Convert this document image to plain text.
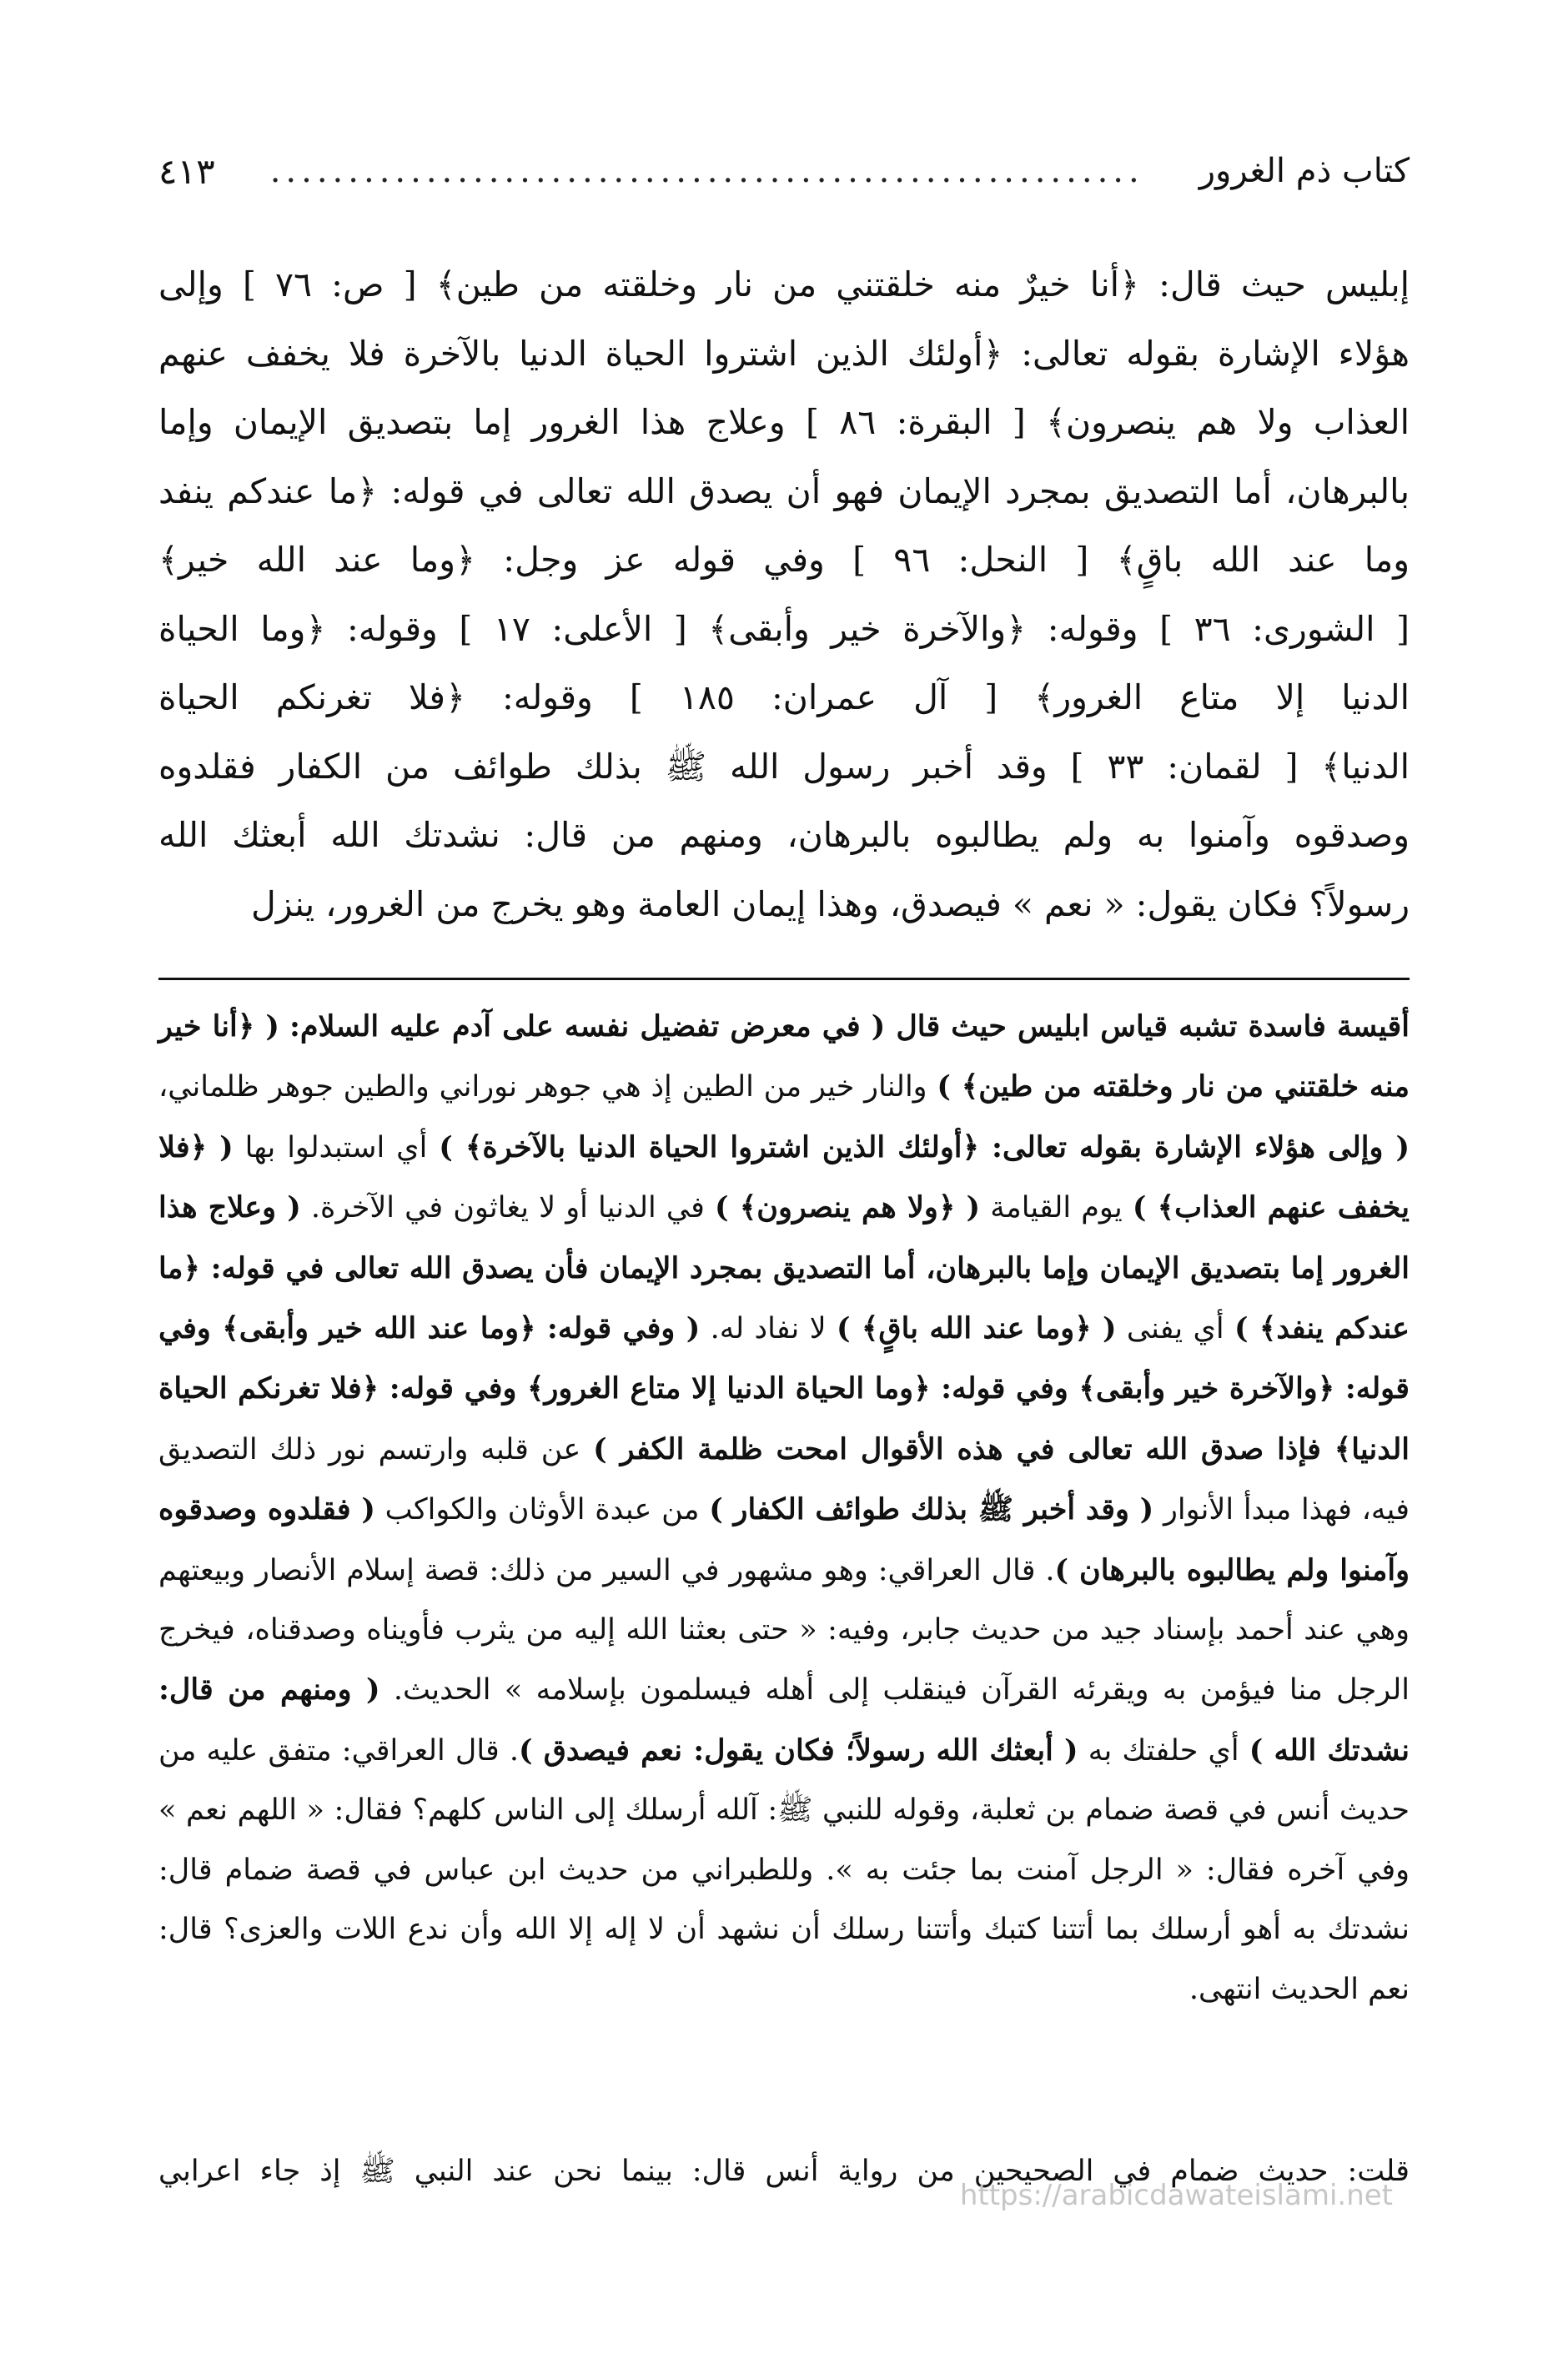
كتاب ذم الغرور
........................................................
٤١٣

إبليس حيث قال: ﴿أنا خيرٌ منه خلقتني من نار وخلقته من طين﴾ [ ص: ٧٦ ] وإلى

هؤلاء الإشارة بقوله تعالى: ﴿أولئك الذين اشتروا الحياة الدنيا بالآخرة فلا يخفف عنهم

العذاب ولا هم ينصرون﴾ [ البقرة: ٨٦ ] وعلاج هذا الغرور إما بتصديق الإيمان وإما

بالبرهان، أما التصديق بمجرد الإيمان فهو أن يصدق الله تعالى في قوله: ﴿ما عندكم ينفد

وما عند الله باقٍ﴾ [ النحل: ٩٦ ] وفي قوله عز وجل: ﴿وما عند الله خير﴾

[ الشورى: ٣٦ ] وقوله: ﴿والآخرة خير وأبقى﴾ [ الأعلى: ١٧ ] وقوله: ﴿وما الحياة

الدنيا إلا متاع الغرور﴾ [ آل عمران: ١٨٥ ] وقوله: ﴿فلا تغرنكم الحياة

الدنيا﴾ [ لقمان: ٣٣ ] وقد أخبر رسول الله ﷺ بذلك طوائف من الكفار فقلدوه

وصدقوه وآمنوا به ولم يطالبوه بالبرهان، ومنهم من قال: نشدتك الله أبعثك الله

رسولاً؟ فكان يقول: « نعم » فيصدق، وهذا إيمان العامة وهو يخرج من الغرور، ينزل

أقيسة فاسدة تشبه قياس ابليس حيث قال ( في معرض تفضيل نفسه على آدم عليه السلام: ( ﴿أنا خير منه خلقتني من نار وخلقته من طين﴾ ) والنار خير من الطين إذ هي جوهر نوراني والطين جوهر ظلماني، ( وإلى هؤلاء الإشارة بقوله تعالى: ﴿أولئك الذين اشتروا الحياة الدنيا بالآخرة﴾ ) أي استبدلوا بها ( ﴿فلا يخفف عنهم العذاب﴾ ) يوم القيامة ( ﴿ولا هم ينصرون﴾ ) في الدنيا أو لا يغاثون في الآخرة. ( وعلاج هذا الغرور إما بتصديق الإيمان وإما بالبرهان، أما التصديق بمجرد الإيمان فأن يصدق الله تعالى في قوله: ﴿ما عندكم ينفد﴾ ) أي يفنى ( ﴿وما عند الله باقٍ﴾ ) لا نفاد له. ( وفي قوله: ﴿وما عند الله خير وأبقى﴾ وفي قوله: ﴿والآخرة خير وأبقى﴾ وفي قوله: ﴿وما الحياة الدنيا إلا متاع الغرور﴾ وفي قوله: ﴿فلا تغرنكم الحياة الدنيا﴾ فإذا صدق الله تعالى في هذه الأقوال امحت ظلمة الكفر ) عن قلبه وارتسم نور ذلك التصديق فيه، فهذا مبدأ الأنوار ( وقد أخبر ﷺ بذلك طوائف الكفار ) من عبدة الأوثان والكواكب ( فقلدوه وصدقوه وآمنوا ولم يطالبوه بالبرهان ). قال العراقي: وهو مشهور في السير من ذلك: قصة إسلام الأنصار وبيعتهم وهي عند أحمد بإسناد جيد من حديث جابر، وفيه: « حتى بعثنا الله إليه من يثرب فأويناه وصدقناه، فيخرج الرجل منا فيؤمن به ويقرئه القرآن فينقلب إلى أهله فيسلمون بإسلامه » الحديث. ( ومنهم من قال: نشدتك الله ) أي حلفتك به ( أبعثك الله رسولاً؛ فكان يقول: نعم فيصدق ). قال العراقي: متفق عليه من حديث أنس في قصة ضمام بن ثعلبة، وقوله للنبي ﷺ: آلله أرسلك إلى الناس كلهم؟ فقال: « اللهم نعم » وفي آخره فقال: « الرجل آمنت بما جئت به ». وللطبراني من حديث ابن عباس في قصة ضمام قال: نشدتك به أهو أرسلك بما أتتنا كتبك وأتتنا رسلك أن نشهد أن لا إله إلا الله وأن ندع اللات والعزى؟ قال: نعم الحديث انتهى.

قلت: حديث ضمام في الصحيحين من رواية أنس قال: بينما نحن عند النبي ﷺ إذ جاء اعرابي

https://arabicdawateislami.net
